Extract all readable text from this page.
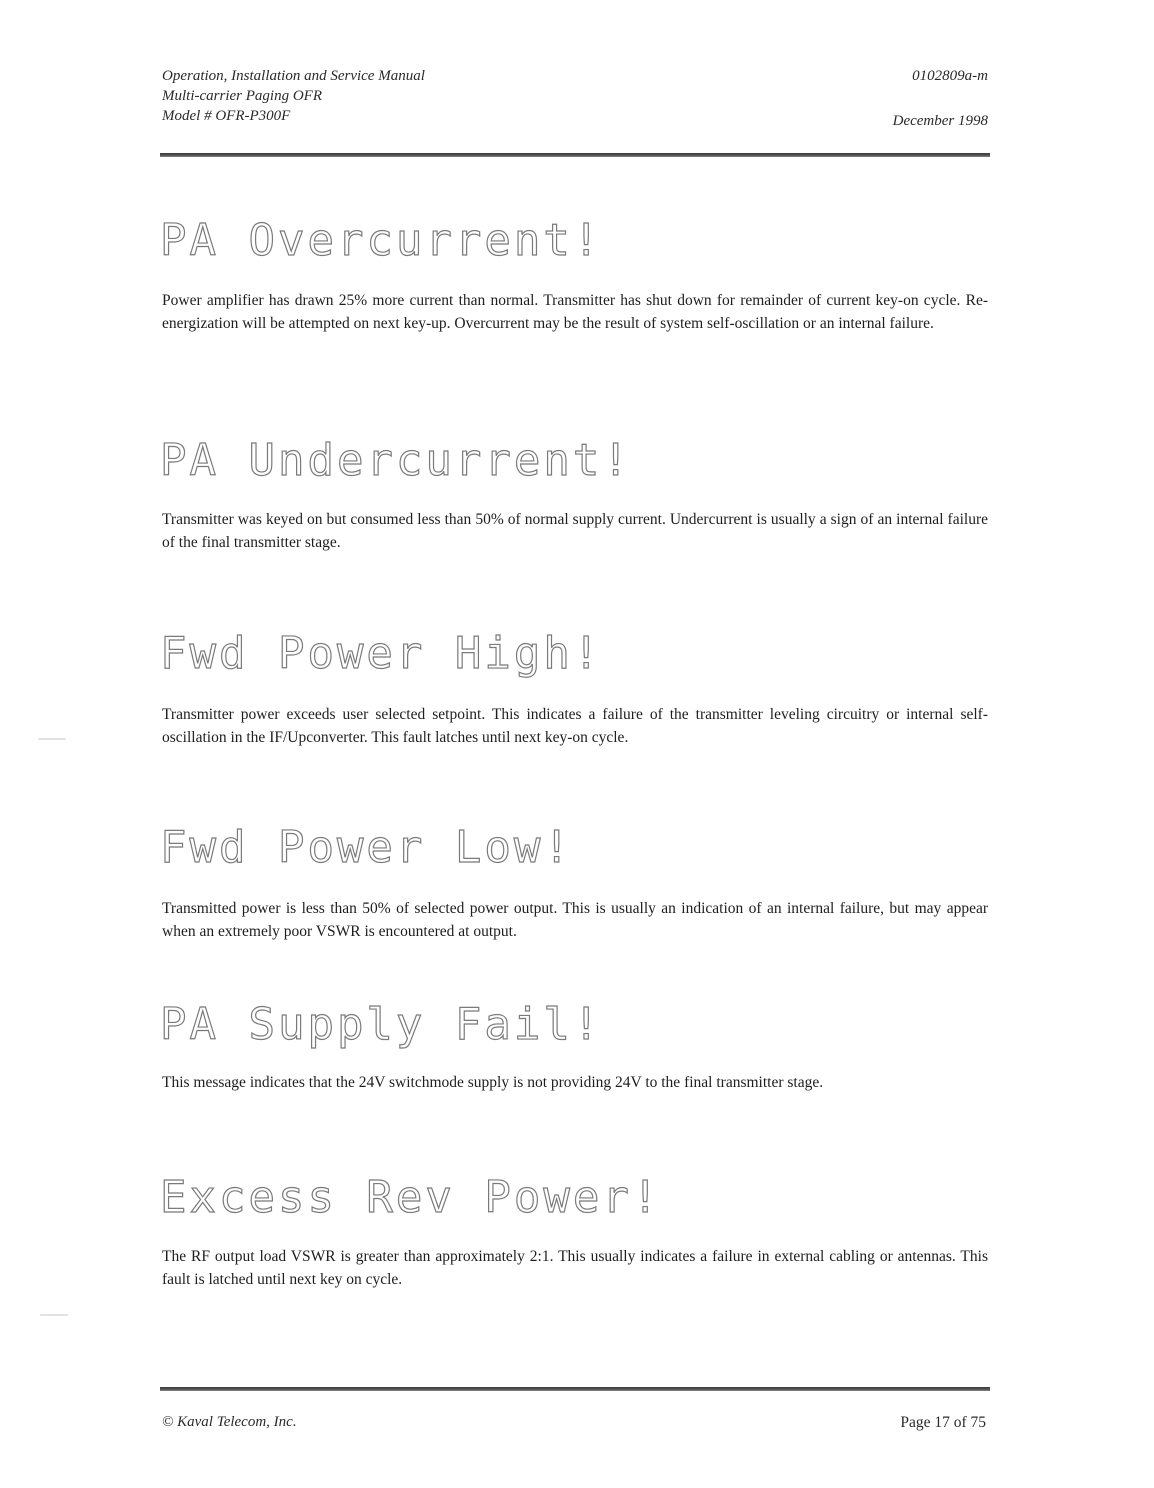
Operation, Installation and Service Manual
Multi-carrier Paging OFR
Model # OFR-P300F
0102809a-m
December 1998
PA Overcurrent!
Power amplifier has drawn 25% more current than normal. Transmitter has shut down for remainder of current key-on cycle. Re-energization will be attempted on next key-up. Overcurrent may be the result of system self-oscillation or an internal failure.
PA Undercurrent!
Transmitter was keyed on but consumed less than 50% of normal supply current. Undercurrent is usually a sign of an internal failure of the final transmitter stage.
Fwd Power High!
Transmitter power exceeds user selected setpoint. This indicates a failure of the transmitter leveling circuitry or internal self-oscillation in the IF/Upconverter. This fault latches until next key-on cycle.
Fwd Power Low!
Transmitted power is less than 50% of selected power output. This is usually an indication of an internal failure, but may appear when an extremely poor VSWR is encountered at output.
PA Supply Fail!
This message indicates that the 24V switchmode supply is not providing 24V to the final transmitter stage.
Excess Rev Power!
The RF output load VSWR is greater than approximately 2:1. This usually indicates a failure in external cabling or antennas. This fault is latched until next key on cycle.
© Kaval Telecom, Inc.	Page 17 of 75
